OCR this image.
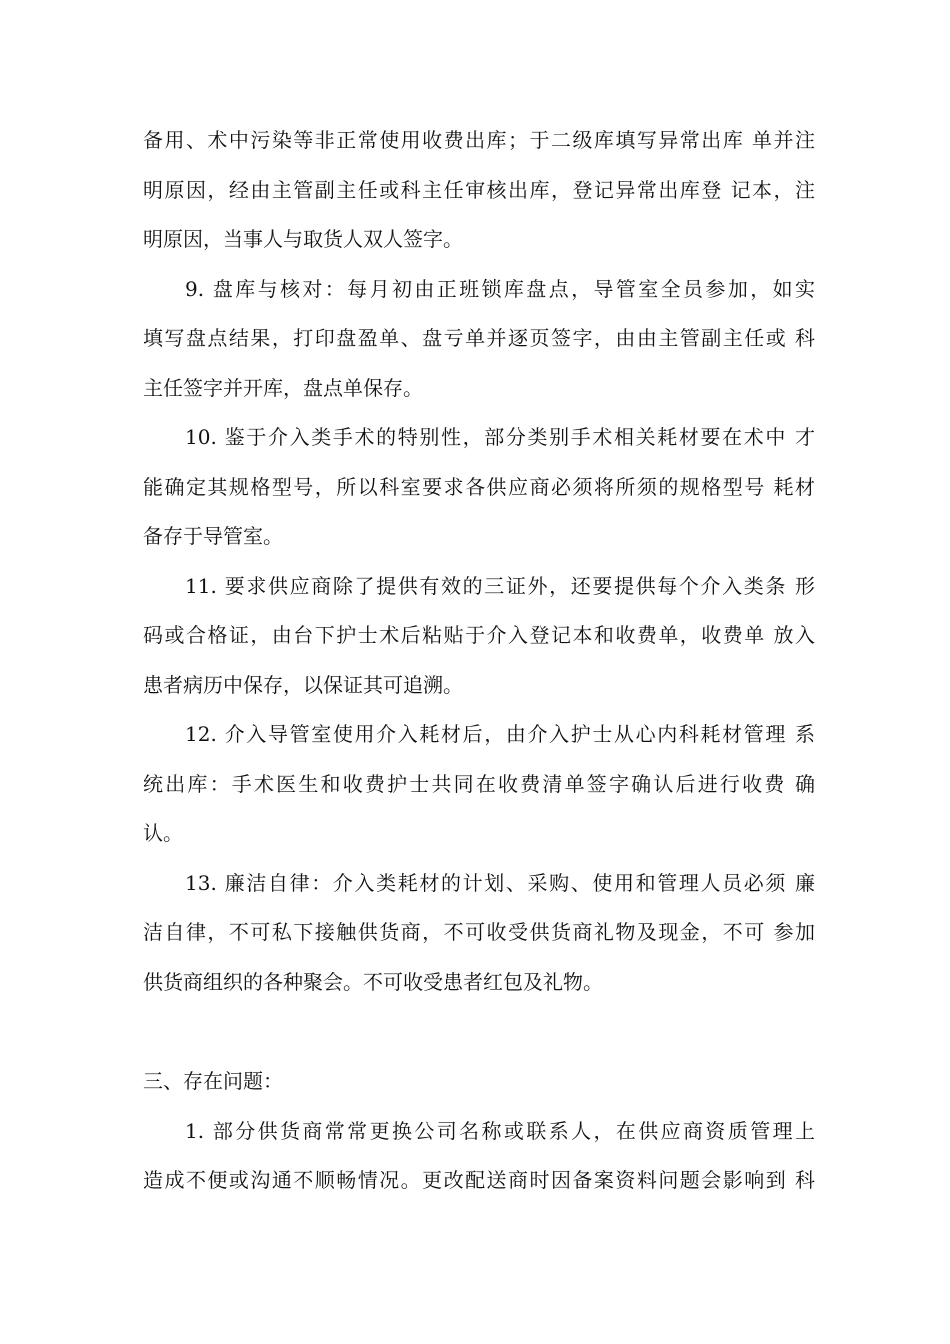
备用、术中污染等非正常使用收费出库；于二级库填写异常出库 单并注
明原因，经由主管副主任或科主任审核出库，登记异常出库登 记本，注
明原因，当事人与取货人双人签字。

9. 盘库与核对：每月初由正班锁库盘点，导管室全员参加，如实
填写盘点结果，打印盘盈单、盘亏单并逐页签字，由由主管副主任或 科
主任签字并开库，盘点单保存。

10. 鉴于介入类手术的特别性，部分类别手术相关耗材要在术中 才
能确定其规格型号，所以科室要求各供应商必须将所须的规格型号 耗材
备存于导管室。

11. 要求供应商除了提供有效的三证外，还要提供每个介入类条 形
码或合格证，由台下护士术后粘贴于介入登记本和收费单，收费单 放入
患者病历中保存，以保证其可追溯。

12. 介入导管室使用介入耗材后，由介入护士从心内科耗材管理 系
统出库：手术医生和收费护士共同在收费清单签字确认后进行收费 确
认。

13. 廉洁自律：介入类耗材的计划、采购、使用和管理人员必须 廉
洁自律，不可私下接触供货商，不可收受供货商礼物及现金，不可 参加
供货商组织的各种聚会。不可收受患者红包及礼物。

三、存在问题：

1. 部分供货商常常更换公司名称或联系人，在供应商资质管理上
造成不便或沟通不顺畅情况。更改配送商时因备案资料问题会影响到 科
